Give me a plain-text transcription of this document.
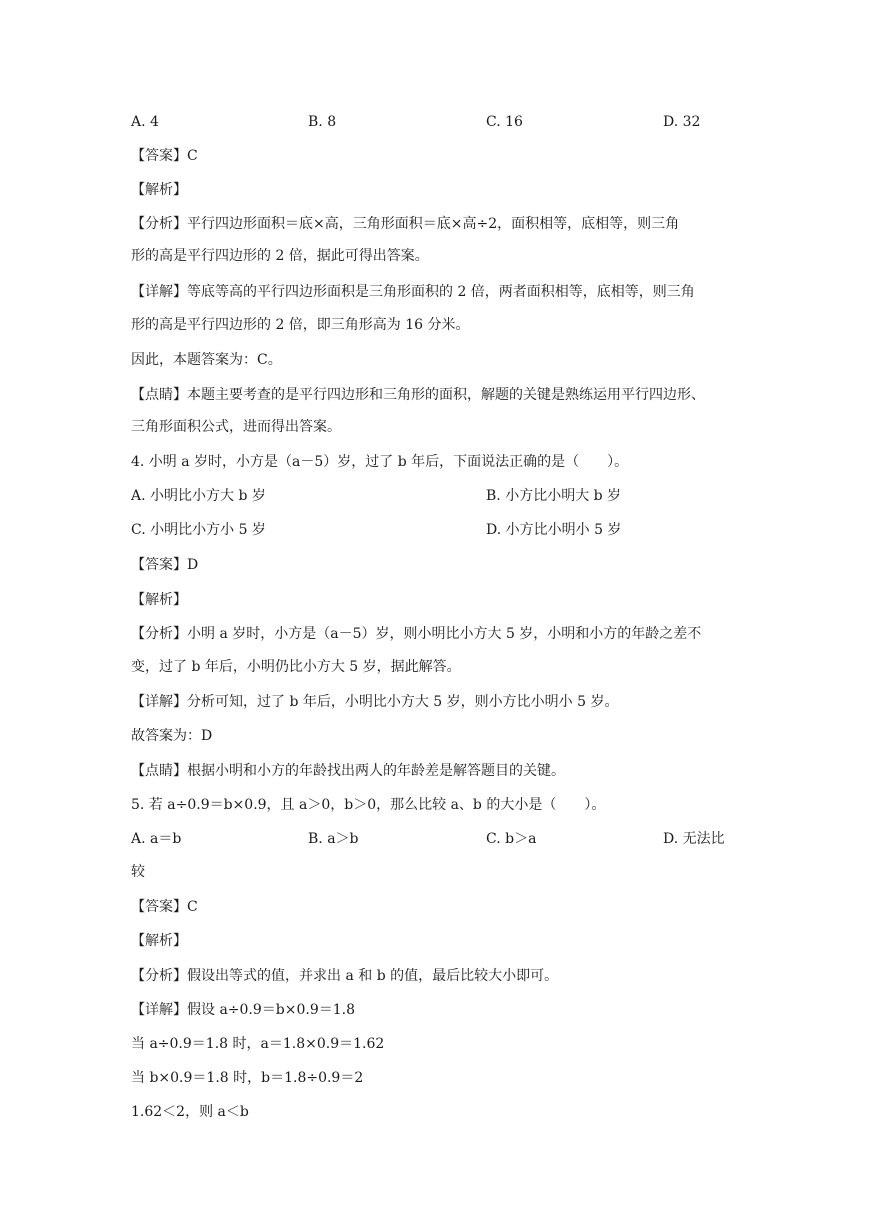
A. 4	B. 8	C. 16	D. 32
【答案】C
【解析】
【分析】平行四边形面积＝底×高，三角形面积＝底×高÷2，面积相等，底相等，则三角
形的高是平行四边形的 2 倍，据此可得出答案。
【详解】等底等高的平行四边形面积是三角形面积的 2 倍，两者面积相等，底相等，则三角
形的高是平行四边形的 2 倍，即三角形高为 16 分米。
因此，本题答案为：C。
【点睛】本题主要考查的是平行四边形和三角形的面积，解题的关键是熟练运用平行四边形、
三角形面积公式，进而得出答案。
4. 小明 a 岁时，小方是（a－5）岁，过了 b 年后，下面说法正确的是（　　）。
A. 小明比小方大 b 岁	B. 小方比小明大 b 岁
C. 小明比小方小 5 岁	D. 小方比小明小 5 岁
【答案】D
【解析】
【分析】小明 a 岁时，小方是（a－5）岁，则小明比小方大 5 岁，小明和小方的年龄之差不
变，过了 b 年后，小明仍比小方大 5 岁，据此解答。
【详解】分析可知，过了 b 年后，小明比小方大 5 岁，则小方比小明小 5 岁。
故答案为：D
【点睛】根据小明和小方的年龄找出两人的年龄差是解答题目的关键。
5. 若 a÷0.9＝b×0.9，且 a＞0，b＞0，那么比较 a、b 的大小是（　　）。
A. a＝b	B. a＞b	C. b＞a	D. 无法比
较
【答案】C
【解析】
【分析】假设出等式的值，并求出 a 和 b 的值，最后比较大小即可。
【详解】假设 a÷0.9＝b×0.9＝1.8
当 a÷0.9＝1.8 时，a＝1.8×0.9＝1.62
当 b×0.9＝1.8 时，b＝1.8÷0.9＝2
1.62＜2，则 a＜b
